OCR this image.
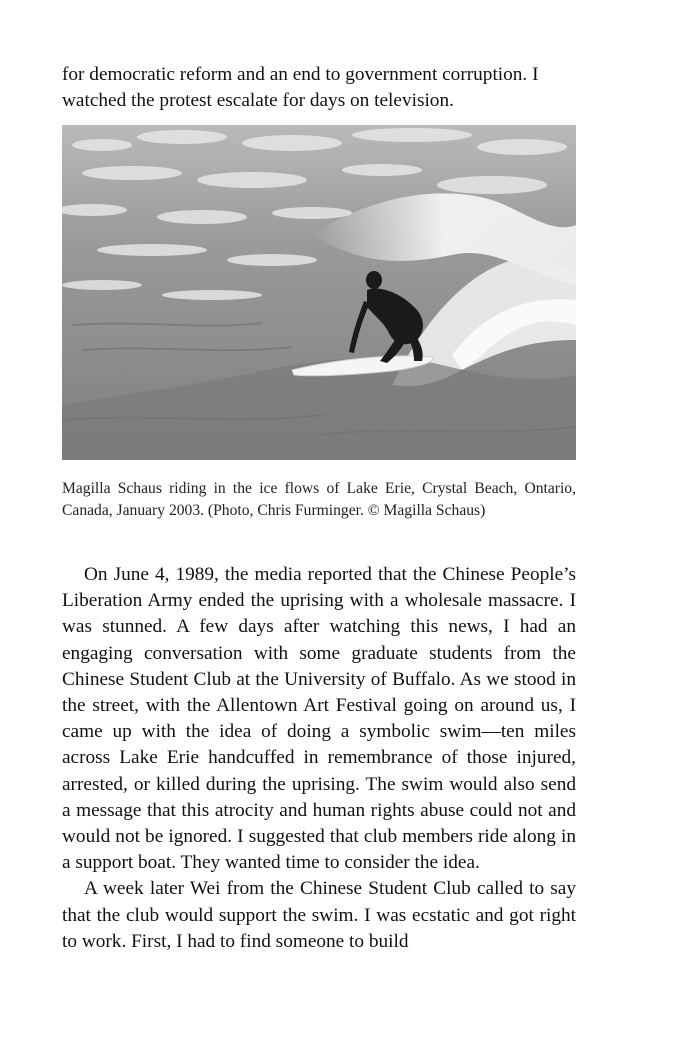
for democratic reform and an end to government corruption. I watched the protest escalate for days on television.

Magilla Schaus riding in the ice flows of Lake Erie, Crystal Beach, Ontario, Canada, January 2003. (Photo, Chris Furminger. © Magilla Schaus)

On June 4, 1989, the media reported that the Chinese People’s Liberation Army ended the uprising with a wholesale massacre. I was stunned. A few days after watching this news, I had an engaging conversation with some graduate students from the Chinese Student Club at the University of Buffalo. As we stood in the street, with the Allentown Art Festival going on around us, I came up with the idea of doing a symbolic swim—ten miles across Lake Erie handcuffed in remembrance of those injured, arrested, or killed during the uprising. The swim would also send a message that this atrocity and human rights abuse could not and would not be ignored. I suggested that club members ride along in a support boat. They wanted time to consider the idea.

A week later Wei from the Chinese Student Club called to say that the club would support the swim. I was ecstatic and got right to work. First, I had to find someone to build
